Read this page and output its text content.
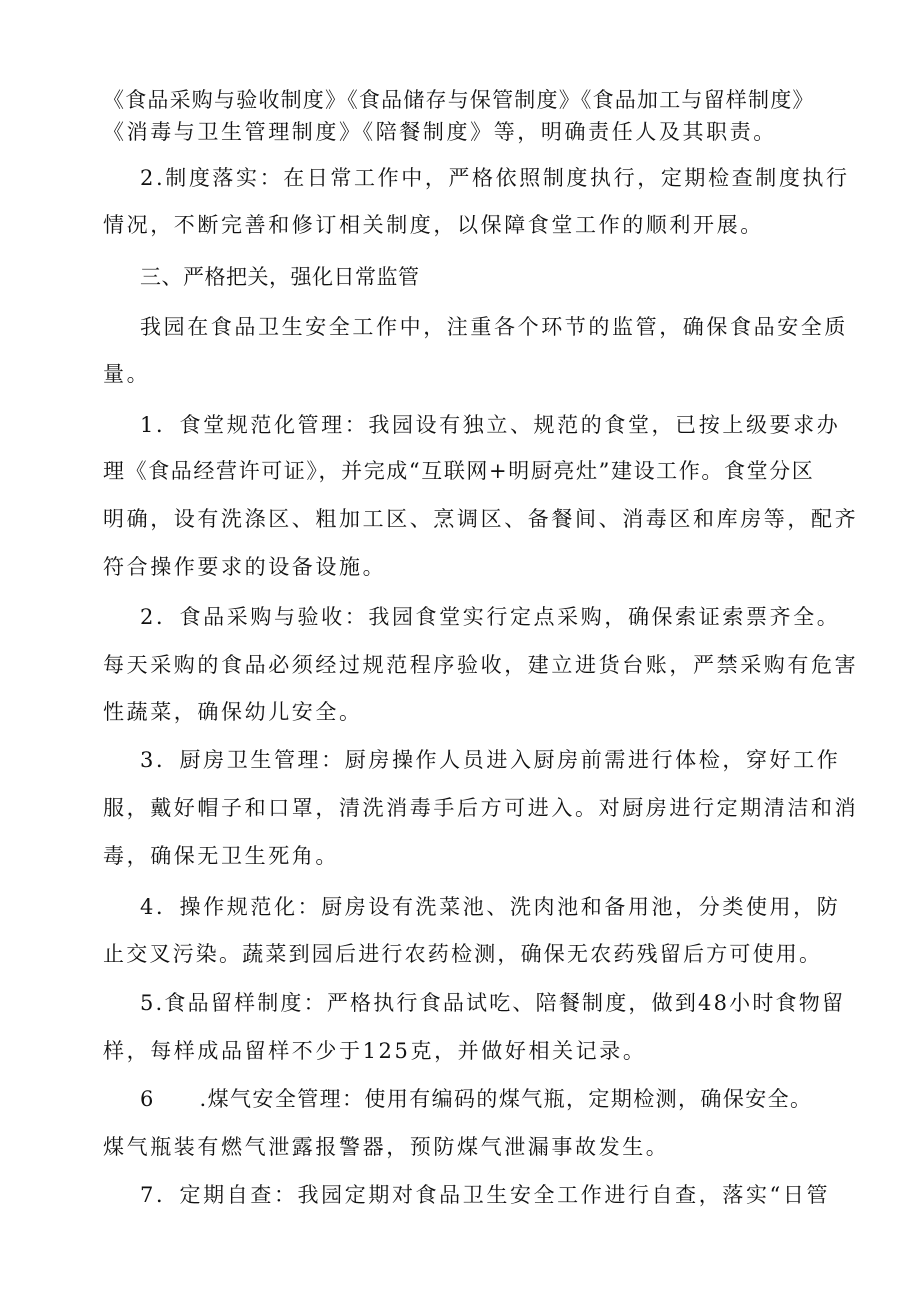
《食品采购与验收制度》《食品储存与保管制度》《食品加工与留样制度》
《消毒与卫生管理制度》《陪餐制度》等，明确责任人及其职责。
2.制度落实：在日常工作中，严格依照制度执行，定期检查制度执行
情况，不断完善和修订相关制度，以保障食堂工作的顺利开展。
三、严格把关，强化日常监管
我园在食品卫生安全工作中，注重各个环节的监管，确保食品安全质
量。
1．食堂规范化管理：我园设有独立、规范的食堂，已按上级要求办
理《食品经营许可证》，并完成“互联网+明厨亮灶”建设工作。食堂分区
明确，设有洗涤区、粗加工区、烹调区、备餐间、消毒区和库房等，配齐
符合操作要求的设备设施。
2．食品采购与验收：我园食堂实行定点采购，确保索证索票齐全。
每天采购的食品必须经过规范程序验收，建立进货台账，严禁采购有危害
性蔬菜，确保幼儿安全。
3．厨房卫生管理：厨房操作人员进入厨房前需进行体检，穿好工作
服，戴好帽子和口罩，清洗消毒手后方可进入。对厨房进行定期清洁和消
毒，确保无卫生死角。
4．操作规范化：厨房设有洗菜池、洗肉池和备用池，分类使用，防
止交叉污染。蔬菜到园后进行农药检测，确保无农药残留后方可使用。
5.食品留样制度：严格执行食品试吃、陪餐制度，做到48小时食物留
样，每样成品留样不少于125克，并做好相关记录。
6　　.煤气安全管理：使用有编码的煤气瓶，定期检测，确保安全。
煤气瓶装有燃气泄露报警器，预防煤气泄漏事故发生。
7．定期自查：我园定期对食品卫生安全工作进行自查，落实“日管
